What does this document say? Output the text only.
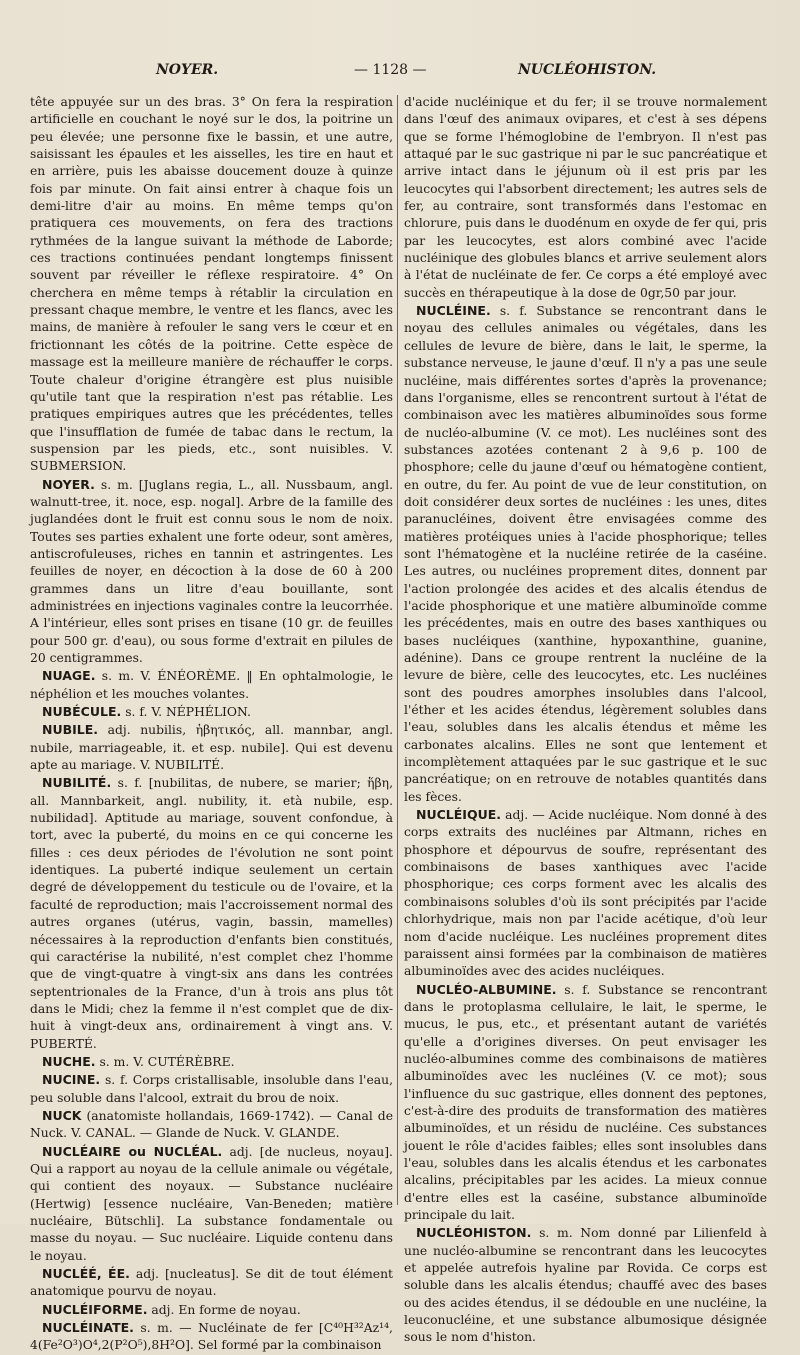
NOYER.	— 1128 —	NUCLÉOHISTON.

tête appuyée sur un des bras. 3° On fera la respiration artificielle en couchant le noyé sur le dos, la poitrine un peu élevée; une personne fixe le bassin, et une autre, saisissant les épaules et les aisselles, les tire en haut et en arrière, puis les abaisse doucement douze à quinze fois par minute. On fait ainsi entrer à chaque fois un demi-litre d'air au moins. En même temps qu'on pratiquera ces mouvements, on fera des tractions rythmées de la langue suivant la méthode de Laborde; ces tractions continuées pendant longtemps finissent souvent par réveiller le réflexe respiratoire. 4° On cherchera en même temps à rétablir la circulation en pressant chaque membre, le ventre et les flancs, avec les mains, de manière à refouler le sang vers le cœur et en frictionnant les côtés de la poitrine. Cette espèce de massage est la meilleure manière de réchauffer le corps. Toute chaleur d'origine étrangère est plus nuisible qu'utile tant que la respiration n'est pas rétablie. Les pratiques empiriques autres que les précédentes, telles que l'insufflation de fumée de tabac dans le rectum, la suspension par les pieds, etc., sont nuisibles. V. SUBMERSION.

NOYER. s. m. [Juglans regia, L., all. Nussbaum, angl. walnutt-tree, it. noce, esp. nogal]. Arbre de la famille des juglandées dont le fruit est connu sous le nom de noix. Toutes ses parties exhalent une forte odeur, sont amères, antiscrofuleuses, riches en tannin et astringentes. Les feuilles de noyer, en décoction à la dose de 60 à 200 grammes dans un litre d'eau bouillante, sont administrées en injections vaginales contre la leucorrhée. A l'intérieur, elles sont prises en tisane (10 gr. de feuilles pour 500 gr. d'eau), ou sous forme d'extrait en pilules de 20 centigrammes.

NUAGE. s. m. V. ÉNÉORÈME. ‖ En ophtalmologie, le néphélion et les mouches volantes.

NUBÉCULE. s. f. V. NÉPHÉLION.

NUBILE. adj. nubilis, ἡβητικός, all. mannbar, angl. nubile, marriageable, it. et esp. nubile]. Qui est devenu apte au mariage. V. NUBILITÉ.

NUBILITÉ. s. f. [nubilitas, de nubere, se marier; ἥβη, all. Mannbarkeit, angl. nubility, it. età nubile, esp. nubilidad]. Aptitude au mariage, souvent confondue, à tort, avec la puberté, du moins en ce qui concerne les filles : ces deux périodes de l'évolution ne sont point identiques. La puberté indique seulement un certain degré de développement du testicule ou de l'ovaire, et la faculté de reproduction; mais l'accroissement normal des autres organes (utérus, vagin, bassin, mamelles) nécessaires à la reproduction d'enfants bien constitués, qui caractérise la nubilité, n'est complet chez l'homme que de vingt-quatre à vingt-six ans dans les contrées septentrionales de la France, d'un à trois ans plus tôt dans le Midi; chez la femme il n'est complet que de dix-huit à vingt-deux ans, ordinairement à vingt ans. V. PUBERTÉ.

NUCHE. s. m. V. CUTÉRÈBRE.

NUCINE. s. f. Corps cristallisable, insoluble dans l'eau, peu soluble dans l'alcool, extrait du brou de noix.

NUCK (anatomiste hollandais, 1669-1742). — Canal de Nuck. V. CANAL. — Glande de Nuck. V. GLANDE.

NUCLÉAIRE ou NUCLÉAL. adj. [de nucleus, noyau]. Qui a rapport au noyau de la cellule animale ou végétale, qui contient des noyaux. — Substance nucléaire (Hertwig) [essence nucléaire, Van-Beneden; matière nucléaire, Bütschli]. La substance fondamentale ou masse du noyau. — Suc nucléaire. Liquide contenu dans le noyau.

NUCLÉÉ, ÉE. adj. [nucleatus]. Se dit de tout élément anatomique pourvu de noyau.

NUCLÉIFORME. adj. En forme de noyau.

NUCLÉINATE. s. m. — Nucléinate de fer [C⁴⁰H³²Az¹⁴, 4(Fe²O³)O⁴,2(P²O⁵),8H²O]. Sel formé par la combinaison

d'acide nucléinique et du fer; il se trouve normalement dans l'œuf des animaux ovipares, et c'est à ses dépens que se forme l'hémoglobine de l'embryon. Il n'est pas attaqué par le suc gastrique ni par le suc pancréatique et arrive intact dans le jéjunum où il est pris par les leucocytes qui l'absorbent directement; les autres sels de fer, au contraire, sont transformés dans l'estomac en chlorure, puis dans le duodénum en oxyde de fer qui, pris par les leucocytes, est alors combiné avec l'acide nucléinique des globules blancs et arrive seulement alors à l'état de nucléinate de fer. Ce corps a été employé avec succès en thérapeutique à la dose de 0gr,50 par jour.

NUCLÉINE. s. f. Substance se rencontrant dans le noyau des cellules animales ou végétales, dans les cellules de levure de bière, dans le lait, le sperme, la substance nerveuse, le jaune d'œuf. Il n'y a pas une seule nucléine, mais différentes sortes d'après la provenance; dans l'organisme, elles se rencontrent surtout à l'état de combinaison avec les matières albuminoïdes sous forme de nucléo-albumine (V. ce mot). Les nucléines sont des substances azotées contenant 2 à 9,6 p. 100 de phosphore; celle du jaune d'œuf ou hématogène contient, en outre, du fer. Au point de vue de leur constitution, on doit considérer deux sortes de nucléines : les unes, dites paranucléines, doivent être envisagées comme des matières protéiques unies à l'acide phosphorique; telles sont l'hématogène et la nucléine retirée de la caséine. Les autres, ou nucléines proprement dites, donnent par l'action prolongée des acides et des alcalis étendus de l'acide phosphorique et une matière albuminoïde comme les précédentes, mais en outre des bases xanthiques ou bases nucléiques (xanthine, hypoxanthine, guanine, adénine). Dans ce groupe rentrent la nucléine de la levure de bière, celle des leucocytes, etc. Les nucléines sont des poudres amorphes insolubles dans l'alcool, l'éther et les acides étendus, légèrement solubles dans l'eau, solubles dans les alcalis étendus et même les carbonates alcalins. Elles ne sont que lentement et incomplètement attaquées par le suc gastrique et le suc pancréatique; on en retrouve de notables quantités dans les fèces.

NUCLÉIQUE. adj. — Acide nucléique. Nom donné à des corps extraits des nucléines par Altmann, riches en phosphore et dépourvus de soufre, représentant des combinaisons de bases xanthiques avec l'acide phosphorique; ces corps forment avec les alcalis des combinaisons solubles d'où ils sont précipités par l'acide chlorhydrique, mais non par l'acide acétique, d'où leur nom d'acide nucléique. Les nucléines proprement dites paraissent ainsi formées par la combinaison de matières albuminoïdes avec des acides nucléiques.

NUCLÉO-ALBUMINE. s. f. Substance se rencontrant dans le protoplasma cellulaire, le lait, le sperme, le mucus, le pus, etc., et présentant autant de variétés qu'elle a d'origines diverses. On peut envisager les nucléo-albumines comme des combinaisons de matières albuminoïdes avec les nucléines (V. ce mot); sous l'influence du suc gastrique, elles donnent des peptones, c'est-à-dire des produits de transformation des matières albuminoïdes, et un résidu de nucléine. Ces substances jouent le rôle d'acides faibles; elles sont insolubles dans l'eau, solubles dans les alcalis étendus et les carbonates alcalins, précipitables par les acides. La mieux connue d'entre elles est la caséine, substance albuminoïde principale du lait.

NUCLÉOHISTON. s. m. Nom donné par Lilienfeld à une nucléo-albumine se rencontrant dans les leucocytes et appelée autrefois hyaline par Rovida. Ce corps est soluble dans les alcalis étendus; chauffé avec des bases ou des acides étendus, il se dédouble en une nucléine, la leuconucléine, et une substance albumosique désignée sous le nom d'histon.
